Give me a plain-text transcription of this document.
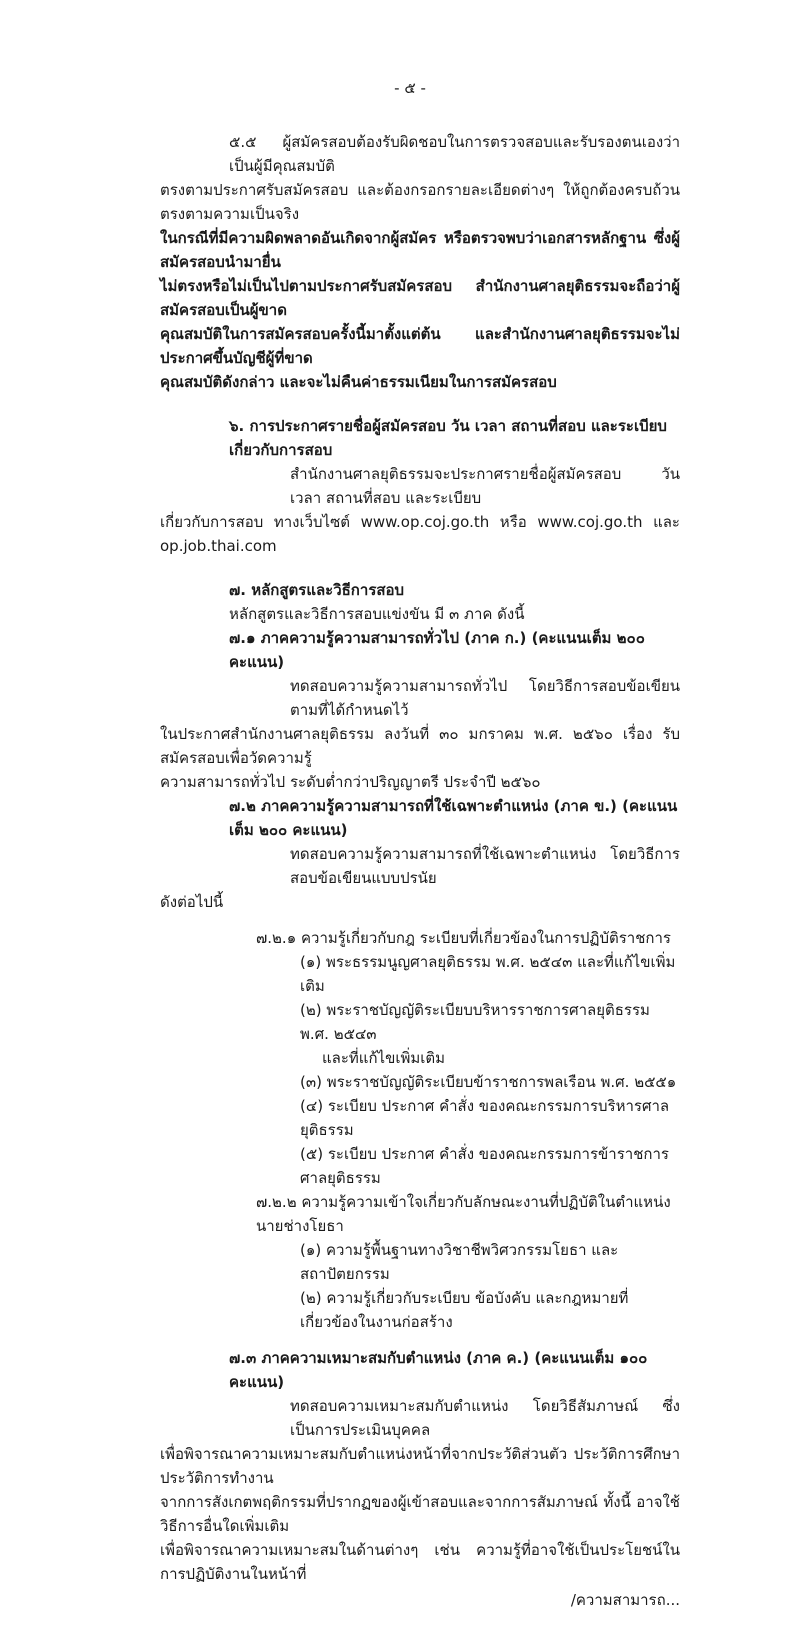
- ๕ -
๕.๕ ผู้สมัครสอบต้องรับผิดชอบในการตรวจสอบและรับรองตนเองว่า เป็นผู้มีคุณสมบัติ
ตรงตามประกาศรับสมัครสอบ และต้องกรอกรายละเอียดต่างๆ ให้ถูกต้องครบถ้วนตรงตามความเป็นจริง
ในกรณีที่มีความผิดพลาดอันเกิดจากผู้สมัคร หรือตรวจพบว่าเอกสารหลักฐาน ซึ่งผู้สมัครสอบนำมายื่น
ไม่ตรงหรือไม่เป็นไปตามประกาศรับสมัครสอบ สำนักงานศาลยุติธรรมจะถือว่าผู้สมัครสอบเป็นผู้ขาด
คุณสมบัติในการสมัครสอบครั้งนี้มาตั้งแต่ต้น และสำนักงานศาลยุติธรรมจะไม่ประกาศขึ้นบัญชีผู้ที่ขาด
คุณสมบัติดังกล่าว และจะไม่คืนค่าธรรมเนียมในการสมัครสอบ
๖. การประกาศรายชื่อผู้สมัครสอบ วัน เวลา สถานที่สอบ และระเบียบเกี่ยวกับการสอบ
สำนักงานศาลยุติธรรมจะประกาศรายชื่อผู้สมัครสอบ วัน เวลา สถานที่สอบ และระเบียบ
เกี่ยวกับการสอบ ทางเว็บไซต์ www.op.coj.go.th หรือ www.coj.go.th และ op.job.thai.com
๗. หลักสูตรและวิธีการสอบ
หลักสูตรและวิธีการสอบแข่งขัน มี ๓ ภาค ดังนี้
๗.๑ ภาคความรู้ความสามารถทั่วไป (ภาค ก.) (คะแนนเต็ม ๒๐๐ คะแนน)
ทดสอบความรู้ความสามารถทั่วไป โดยวิธีการสอบข้อเขียน ตามที่ได้กำหนดไว้
ในประกาศสำนักงานศาลยุติธรรม ลงวันที่ ๓๐ มกราคม พ.ศ. ๒๕๖๐ เรื่อง รับสมัครสอบเพื่อวัดความรู้
ความสามารถทั่วไป ระดับต่ำกว่าปริญญาตรี ประจำปี ๒๕๖๐
๗.๒ ภาคความรู้ความสามารถที่ใช้เฉพาะตำแหน่ง (ภาค ข.) (คะแนนเต็ม ๒๐๐ คะแนน)
ทดสอบความรู้ความสามารถที่ใช้เฉพาะตำแหน่ง โดยวิธีการสอบข้อเขียนแบบปรนัย
ดังต่อไปนี้
๗.๒.๑ ความรู้เกี่ยวกับกฎ ระเบียบที่เกี่ยวข้องในการปฏิบัติราชการ
(๑) พระธรรมนูญศาลยุติธรรม พ.ศ. ๒๕๔๓ และที่แก้ไขเพิ่มเติม
(๒) พระราชบัญญัติระเบียบบริหารราชการศาลยุติธรรม พ.ศ. ๒๕๔๓
และที่แก้ไขเพิ่มเติม
(๓) พระราชบัญญัติระเบียบข้าราชการพลเรือน พ.ศ. ๒๕๕๑
(๔) ระเบียบ ประกาศ คำสั่ง ของคณะกรรมการบริหารศาลยุติธรรม
(๕) ระเบียบ ประกาศ คำสั่ง ของคณะกรรมการข้าราชการศาลยุติธรรม
๗.๒.๒ ความรู้ความเข้าใจเกี่ยวกับลักษณะงานที่ปฏิบัติในตำแหน่งนายช่างโยธา
(๑) ความรู้พื้นฐานทางวิชาชีพวิศวกรรมโยธา และสถาปัตยกรรม
(๒) ความรู้เกี่ยวกับระเบียบ ข้อบังคับ และกฎหมายที่เกี่ยวข้องในงานก่อสร้าง
๗.๓ ภาคความเหมาะสมกับตำแหน่ง (ภาค ค.) (คะแนนเต็ม ๑๐๐ คะแนน)
ทดสอบความเหมาะสมกับตำแหน่ง โดยวิธีสัมภาษณ์ ซึ่งเป็นการประเมินบุคคล
เพื่อพิจารณาความเหมาะสมกับตำแหน่งหน้าที่จากประวัติส่วนตัว ประวัติการศึกษา ประวัติการทำงาน
จากการสังเกตพฤติกรรมที่ปรากฏของผู้เข้าสอบและจากการสัมภาษณ์ ทั้งนี้ อาจใช้วิธีการอื่นใดเพิ่มเติม
เพื่อพิจารณาความเหมาะสมในด้านต่างๆ เช่น ความรู้ที่อาจใช้เป็นประโยชน์ในการปฏิบัติงานในหน้าที่
/ความสามารถ...
